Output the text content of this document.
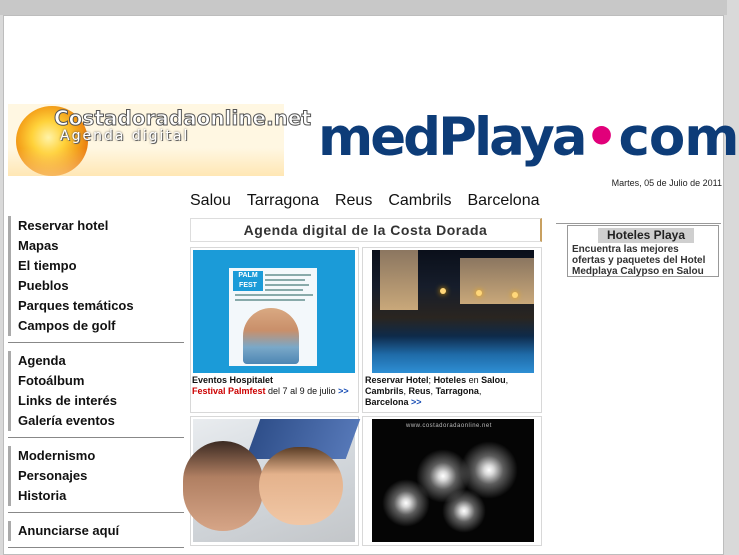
Costadoradaonline.net
Agenda digital medPlaya•com
Martes, 05 de Julio de 2011
Salou Tarragona Reus Cambrils Barcelona
Reservar hotel
Mapas
El tiempo
Pueblos
Parques temáticos
Campos de golf
Agenda
Fotoálbum
Links de interés
Galería eventos
Modernismo
Personajes
Historia
Anunciarse aquí
Agenda digital de la Costa Dorada
PALM FEST
Eventos Hospitalet
Festival Palmfest del 7 al 9 de julio >>
Reservar Hotel; Hoteles en Salou, Cambrils, Reus, Tarragona,
Barcelona >>
www.costadoradaonline.net
Hoteles Playa
Encuentra las mejores ofertas y paquetes del Hotel Medplaya Calypso en Salou
